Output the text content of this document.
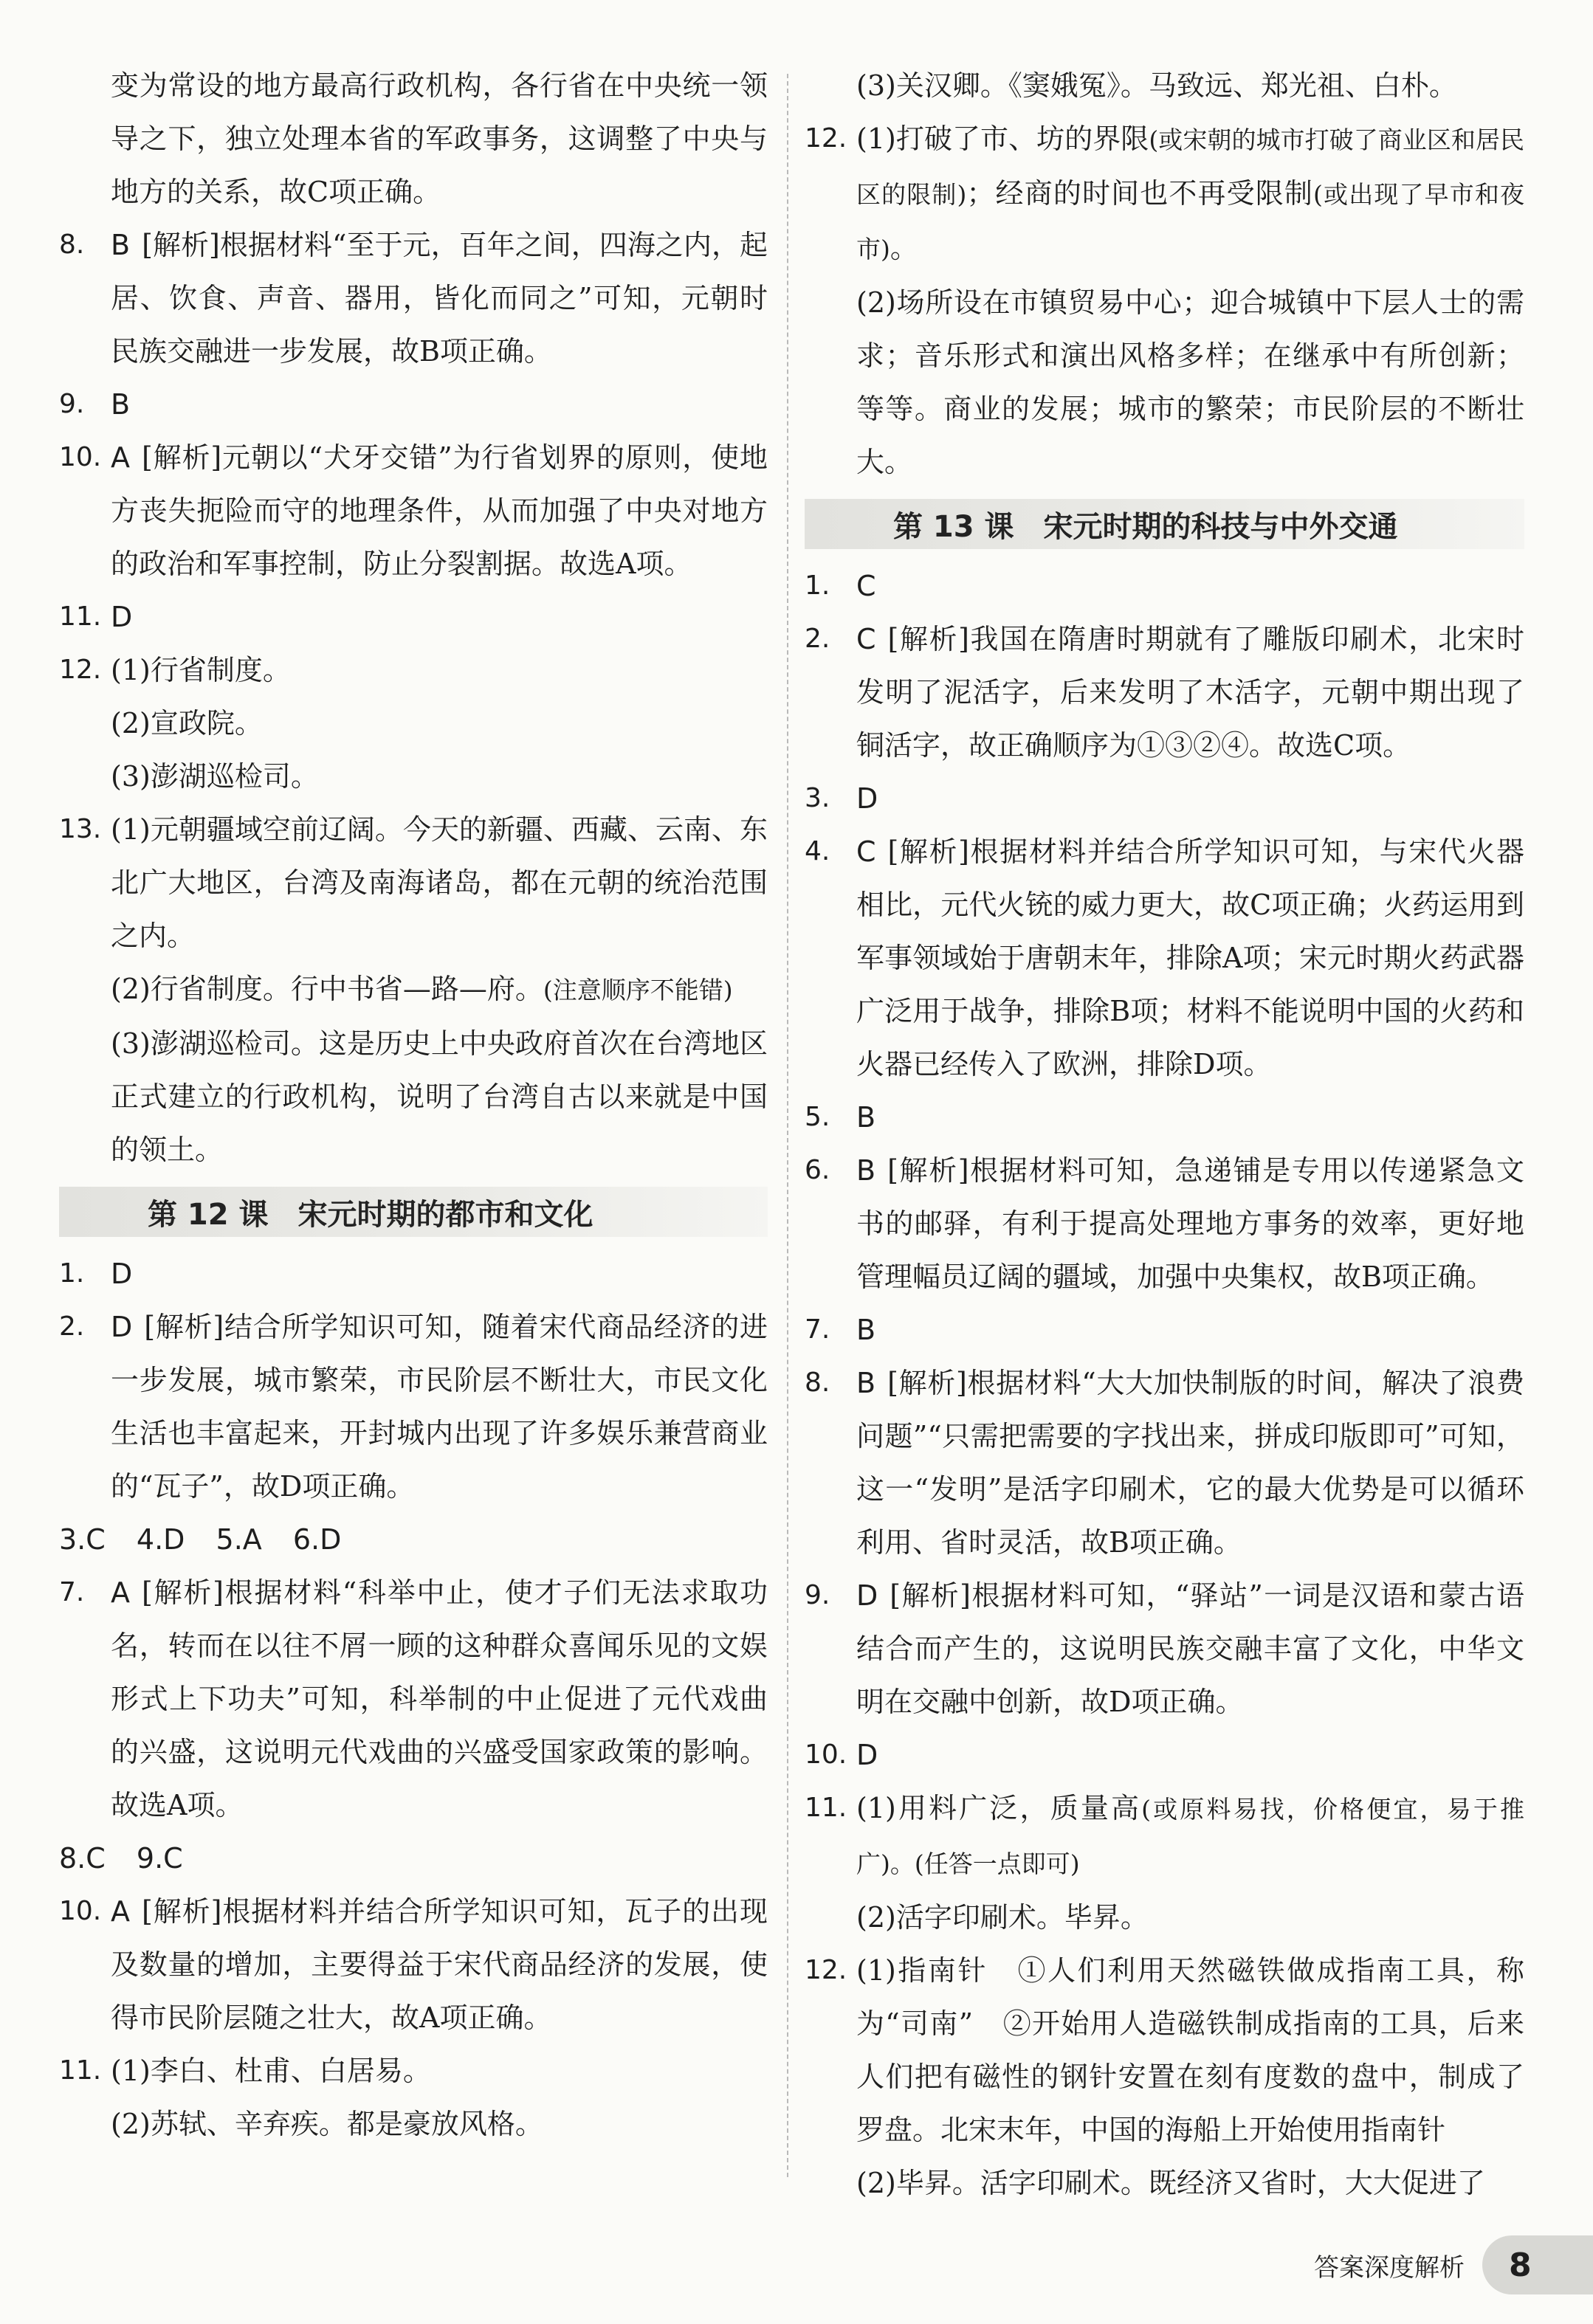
变为常设的地方最高行政机构，各行省在中央统一领导之下，独立处理本省的军政事务，这调整了中央与地方的关系，故C项正确。
8. B [解析]根据材料“至于元，百年之间，四海之内，起居、饮食、声音、器用，皆化而同之”可知，元朝时民族交融进一步发展，故B项正确。
9. B
10. A [解析]元朝以“犬牙交错”为行省划界的原则，使地方丧失扼险而守的地理条件，从而加强了中央对地方的政治和军事控制，防止分裂割据。故选A项。
11. D
12. (1)行省制度。
(2)宣政院。
(3)澎湖巡检司。
13. (1)元朝疆域空前辽阔。今天的新疆、西藏、云南、东北广大地区，台湾及南海诸岛，都在元朝的统治范围之内。
(2)行省制度。行中书省—路—府。(注意顺序不能错)
(3)澎湖巡检司。这是历史上中央政府首次在台湾地区正式建立的行政机构，说明了台湾自古以来就是中国的领土。
第 12 课 宋元时期的都市和文化
1. D
2. D [解析]结合所学知识可知，随着宋代商品经济的进一步发展，城市繁荣，市民阶层不断壮大，市民文化生活也丰富起来，开封城内出现了许多娱乐兼营商业的“瓦子”，故D项正确。
3.C 4.D 5.A 6.D
7. A [解析]根据材料“科举中止，使才子们无法求取功名，转而在以往不屑一顾的这种群众喜闻乐见的文娱形式上下功夫”可知，科举制的中止促进了元代戏曲的兴盛，这说明元代戏曲的兴盛受国家政策的影响。故选A项。
8.C 9.C
10. A [解析]根据材料并结合所学知识可知，瓦子的出现及数量的增加，主要得益于宋代商品经济的发展，使得市民阶层随之壮大，故A项正确。
11. (1)李白、杜甫、白居易。
(2)苏轼、辛弃疾。都是豪放风格。
(3)关汉卿。《窦娥冤》。马致远、郑光祖、白朴。
12. (1)打破了市、坊的界限(或宋朝的城市打破了商业区和居民区的限制)；经商的时间也不再受限制(或出现了早市和夜市)。
(2)场所设在市镇贸易中心；迎合城镇中下层人士的需求；音乐形式和演出风格多样；在继承中有所创新；等等。商业的发展；城市的繁荣；市民阶层的不断壮大。
第 13 课 宋元时期的科技与中外交通
1. C
2. C [解析]我国在隋唐时期就有了雕版印刷术，北宋时发明了泥活字，后来发明了木活字，元朝中期出现了铜活字，故正确顺序为①③②④。故选C项。
3. D
4. C [解析]根据材料并结合所学知识可知，与宋代火器相比，元代火铳的威力更大，故C项正确；火药运用到军事领域始于唐朝末年，排除A项；宋元时期火药武器广泛用于战争，排除B项；材料不能说明中国的火药和火器已经传入了欧洲，排除D项。
5. B
6. B [解析]根据材料可知，急递铺是专用以传递紧急文书的邮驿，有利于提高处理地方事务的效率，更好地管理幅员辽阔的疆域，加强中央集权，故B项正确。
7. B
8. B [解析]根据材料“大大加快制版的时间，解决了浪费问题”“只需把需要的字找出来，拼成印版即可”可知，这一“发明”是活字印刷术，它的最大优势是可以循环利用、省时灵活，故B项正确。
9. D [解析]根据材料可知，“驿站”一词是汉语和蒙古语结合而产生的，这说明民族交融丰富了文化，中华文明在交融中创新，故D项正确。
10. D
11. (1)用料广泛，质量高(或原料易找，价格便宜，易于推广)。(任答一点即可)
(2)活字印刷术。毕昇。
12. (1)指南针　①人们利用天然磁铁做成指南工具，称为“司南”　②开始用人造磁铁制成指南的工具，后来人们把有磁性的钢针安置在刻有度数的盘中，制成了罗盘。北宋末年，中国的海船上开始使用指南针
(2)毕昇。活字印刷术。既经济又省时，大大促进了
答案深度解析	8
